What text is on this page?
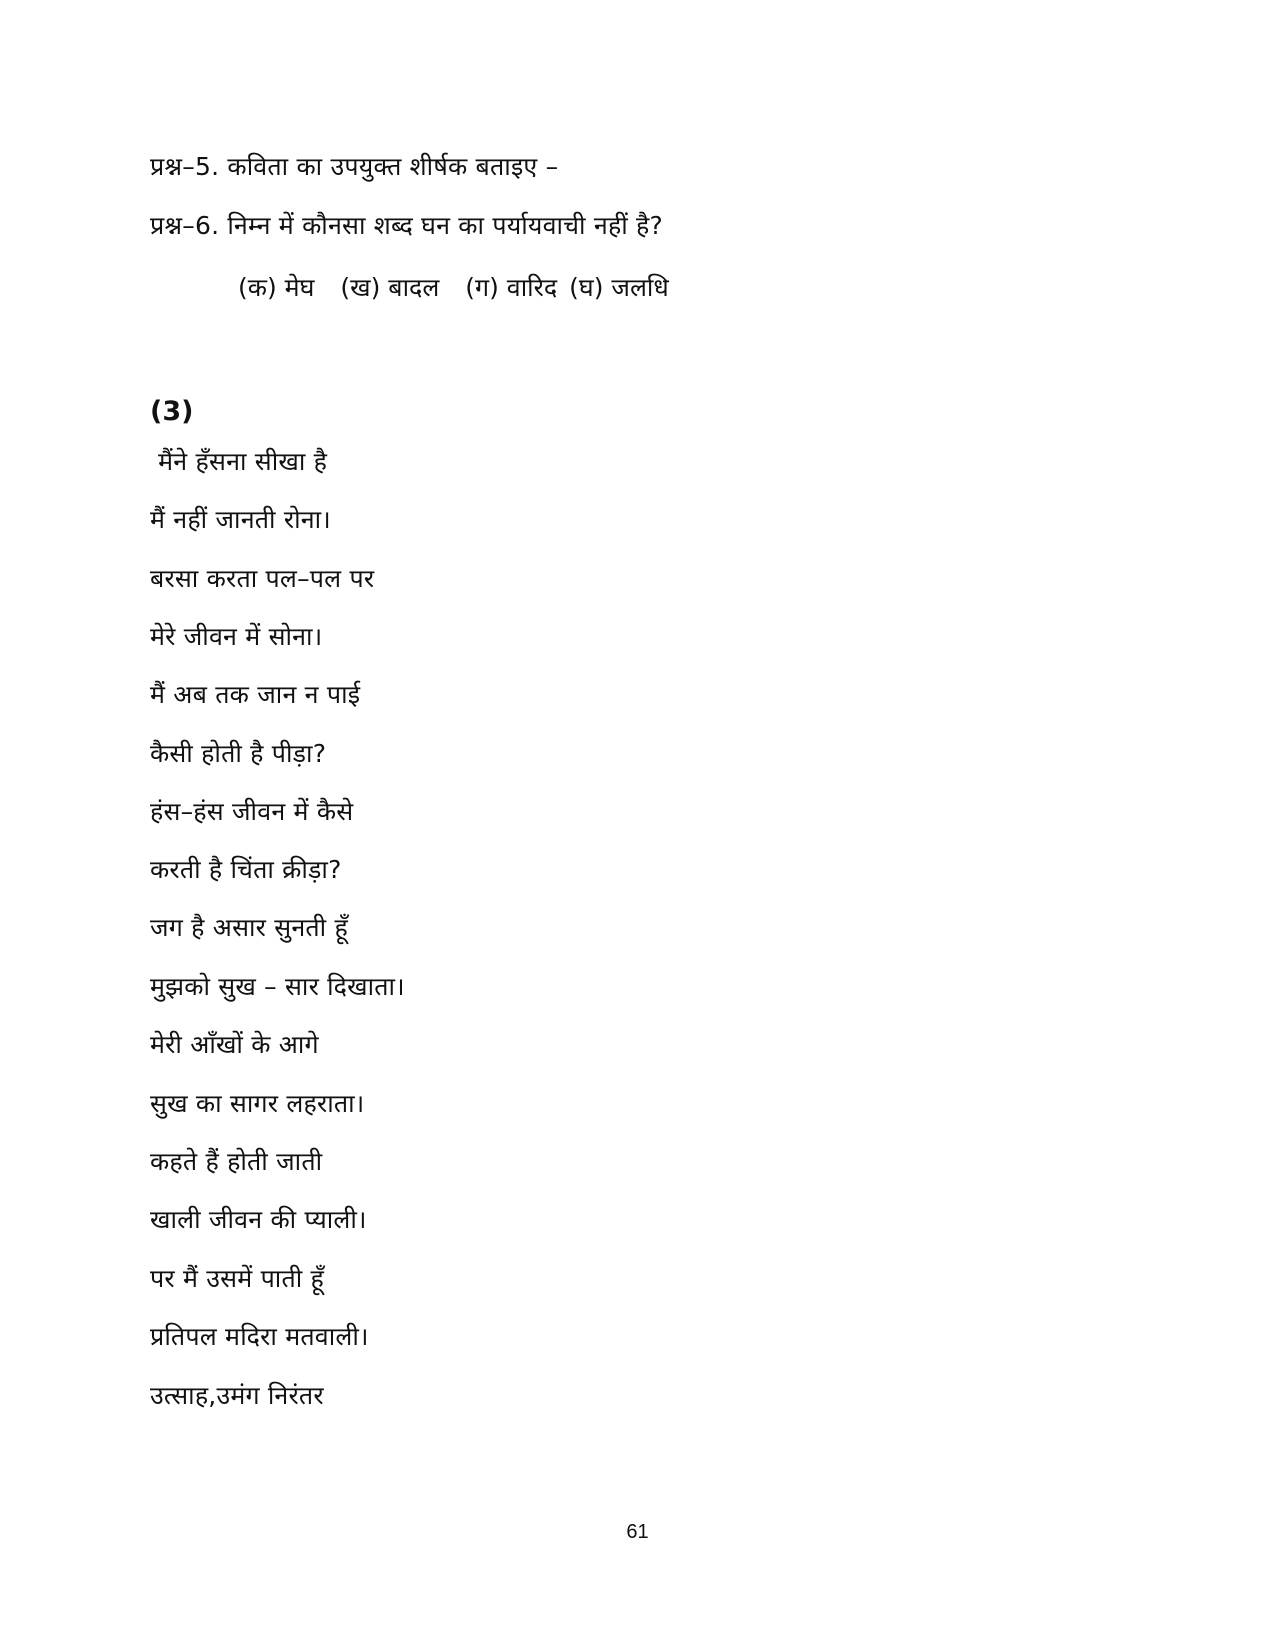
प्रश्न–5. कविता का उपयुक्त शीर्षक बताइए –
प्रश्न–6. निम्न में कौनसा शब्द घन का पर्यायवाची नहीं है?
(क) मेघ (ख) बादल (ग) वारिद (घ) जलधि
(3)
मैंने हँसना सीखा है
मैं नहीं जानती रोना।
बरसा करता पल–पल पर
मेरे जीवन में सोना।
मैं अब तक जान न पाई
कैसी होती है पीड़ा?
हंस–हंस जीवन में कैसे
करती है चिंता क्रीड़ा?
जग है असार सुनती हूँ
मुझको सुख – सार दिखाता।
मेरी आँखों के आगे
सुख का सागर लहराता।
कहते हैं होती जाती
खाली जीवन की प्याली।
पर मैं उसमें पाती हूँ
प्रतिपल मदिरा मतवाली।
उत्साह,उमंग निरंतर
61
